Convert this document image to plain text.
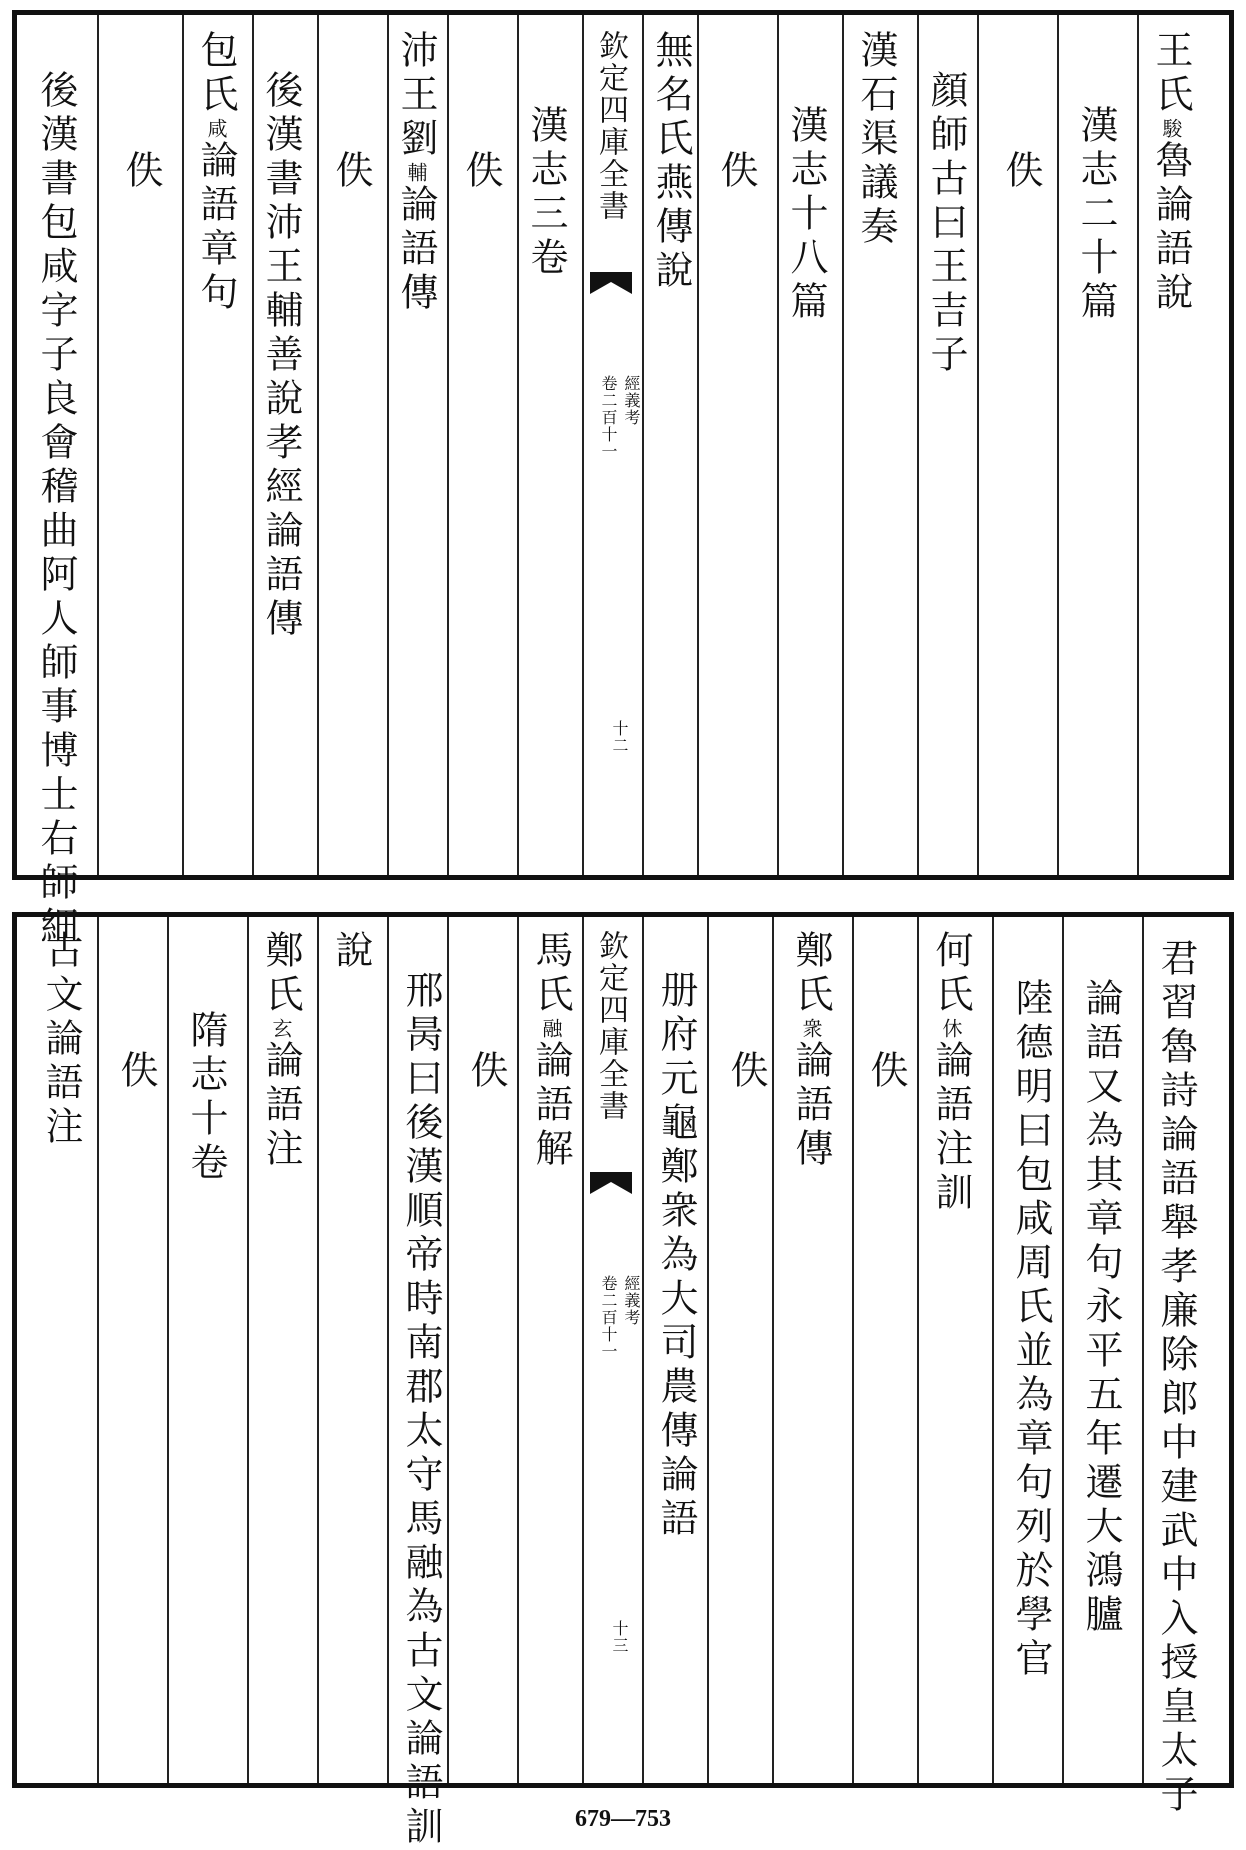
王氏駿魯論語說
漢志二十篇
佚
顔師古曰王吉子
漢石渠議奏
漢志十八篇
佚
無名氏燕傳說
漢志三卷
佚
沛王劉輔論語傳
佚
後漢書沛王輔善說孝經論語傳
包氏咸論語章句
佚
後漢書包咸字子良會稽曲阿人師事博士右師細	欽定四庫全書
經義考
卷二百十一
十二
君習魯詩論語舉孝廉除郎中建武中入授皇太子
論語又為其章句永平五年遷大鴻臚
陸德明曰包咸周氏並為章句列於學官
何氏休論語注訓
佚
鄭氏衆論語傳
佚
册府元龜鄭衆為大司農傳論語
馬氏融論語解
佚
邢昺曰後漢順帝時南郡太守馬融為古文論語訓
說
鄭氏玄論語注
隋志十卷
佚
古文論語注	欽定四庫全書
經義考
卷二百十一
十三
679—753
